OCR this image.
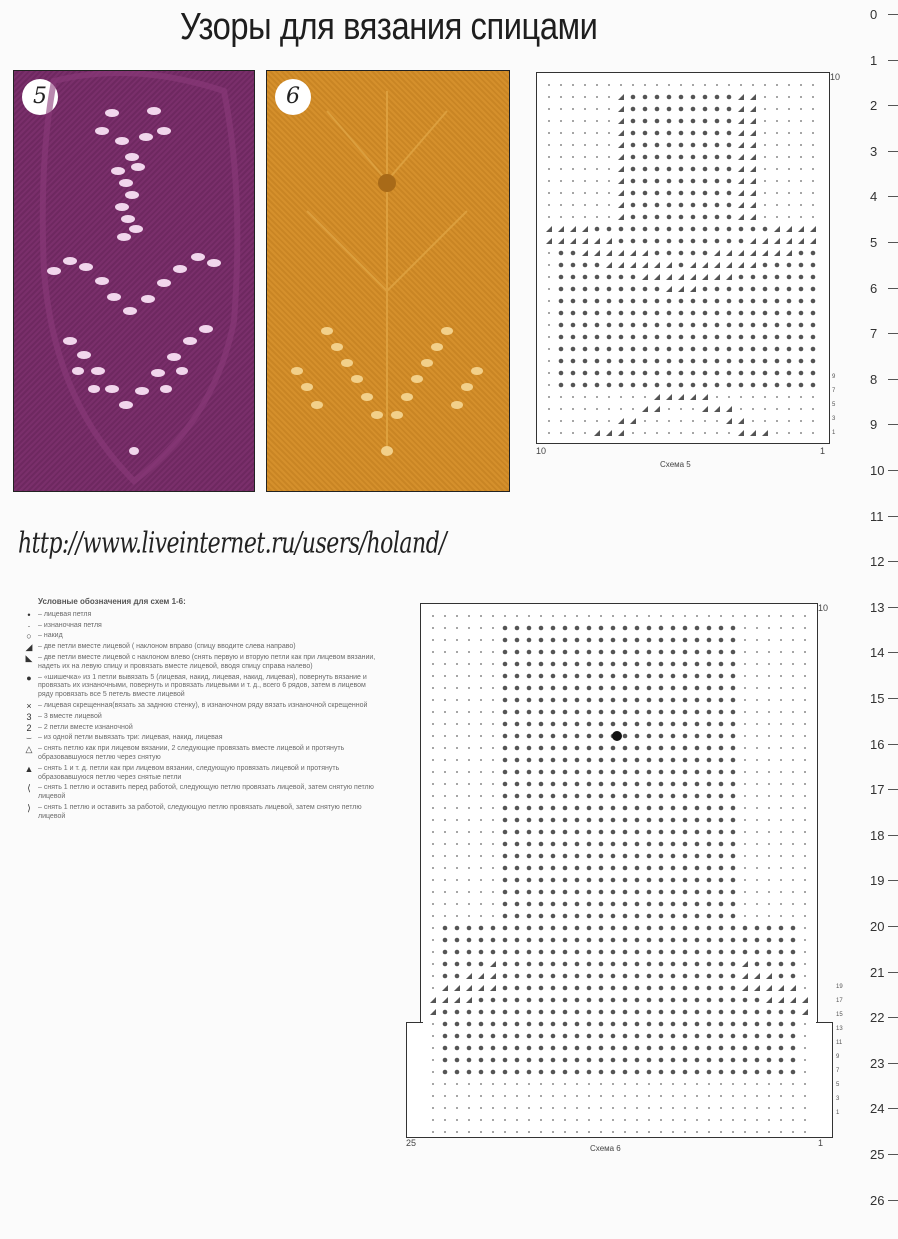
Узоры для вязания спицами
5	6
10
10	1
Схема 5
9
7
5
3
1
http://www.liveinternet.ru/users/holand/
Условные обозначения для схем 1-6:
•	– лицевая петля
·	– изнаночная петля
○ – накид
◢ – две петли вместе лицевой ( наклоном вправо (спицу вводите слева направо)
◣ – две петли вместе лицевой с наклоном влево (снять первую и вторую петли как при лицевом вязании, надеть их на левую спицу и провязать вместе лицевой, вводя спицу справа налево)
● – «шишечка» из 1 петли вывязать 5 (лицевая, накид, лицевая, накид, лицевая), повернуть вязание и провязать их изнаночными, повернуть и провязать лицевыми и т. д., всего 6 рядов, затем в лицевом ряду провязать все 5 петель вместе лицевой
× – лицевая скрещенная(вязать за заднюю стенку), в изнаночном ряду вязать изнаночной скрещенной
3 – 3 вместе лицевой
2 – 2 петли вместе изнаночной
⌣ – из одной петли вывязать три: лицевая, накид, лицевая
△ – снять петлю как при лицевом вязании, 2 следующие провязать вместе лицевой и протянуть образовавшуюся петлю через снятую
▲ – снять 1 и т. д. петли как при лицевом вязании, следующую провязать лицевой и протянуть образовавшуюся петлю через снятые петли
⟨	– снять 1 петлю и оставить перед работой, следующую петлю провязать лицевой, затем снятую петлю лицевой
⟩	– снять 1 петлю и оставить за работой, следующую петлю провязать лицевой, затем снятую петлю лицевой
10
25	1
Схема 6
19
17
15
13
11
9
7
5
3
1
0
1
2
3
4
5
6
7
8
9
10
11
12
13
14
15
16
17
18
19
20
21
22
23
24
25
26
